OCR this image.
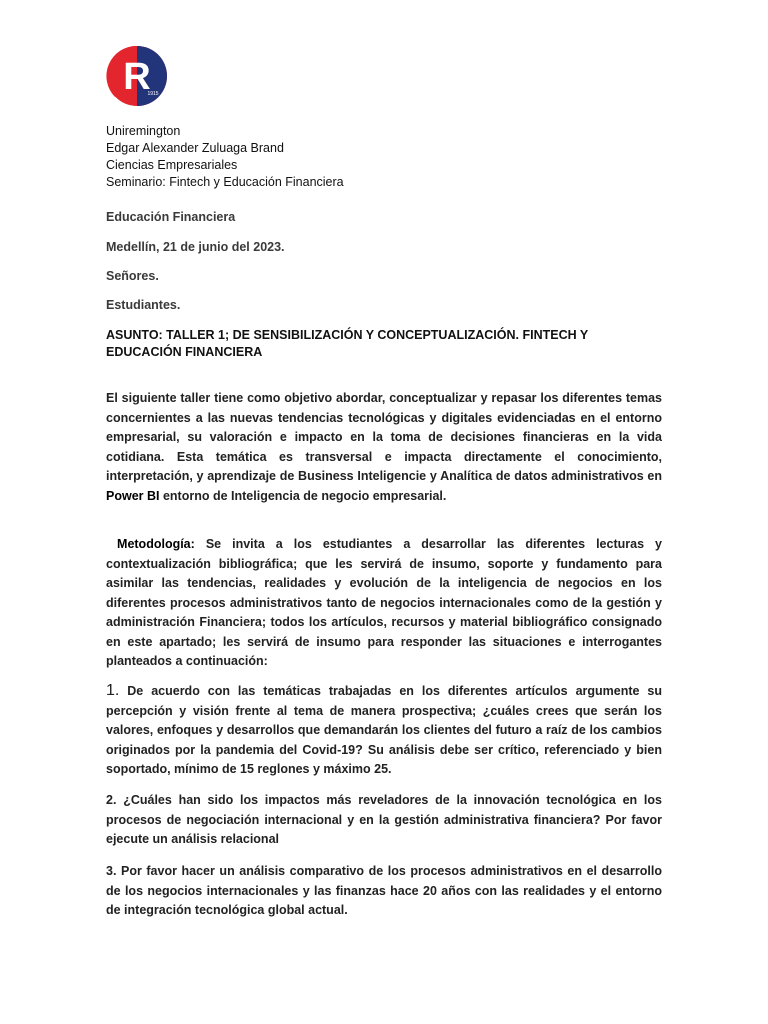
R
1915
Uniremington
Edgar Alexander Zuluaga Brand
Ciencias Empresariales
Seminario: Fintech y Educación Financiera
Educación Financiera
Medellín, 21 de junio del 2023.
Señores.
Estudiantes.
ASUNTO: TALLER 1; DE SENSIBILIZACIÓN Y CONCEPTUALIZACIÓN. FINTECH Y EDUCACIÓN FINANCIERA
El siguiente taller tiene como objetivo abordar, conceptualizar y repasar los diferentes temas concernientes a las nuevas tendencias tecnológicas y digitales evidenciadas en el entorno empresarial, su valoración e impacto en la toma de decisiones financieras en la vida cotidiana. Esta temática es transversal e impacta directamente el conocimiento, interpretación, y aprendizaje de Business Inteligencie y Analítica de datos administrativos en Power BI entorno de Inteligencia de negocio empresarial.
Metodología: Se invita a los estudiantes a desarrollar las diferentes lecturas y contextualización bibliográfica; que les servirá de insumo, soporte y fundamento para asimilar las tendencias, realidades y evolución de la inteligencia de negocios en los diferentes procesos administrativos tanto de negocios internacionales como de la gestión y administración Financiera; todos los artículos, recursos y material bibliográfico consignado en este apartado; les servirá de insumo para responder las situaciones e interrogantes planteados a continuación:
1. De acuerdo con las temáticas trabajadas en los diferentes artículos argumente su percepción y visión frente al tema de manera prospectiva; ¿cuáles crees que serán los valores, enfoques y desarrollos que demandarán los clientes del futuro a raíz de los cambios originados por la pandemia del Covid-19? Su análisis debe ser crítico, referenciado y bien soportado, mínimo de 15 reglones y máximo 25.
2. ¿Cuáles han sido los impactos más reveladores de la innovación tecnológica en los procesos de negociación internacional y en la gestión administrativa financiera? Por favor ejecute un análisis relacional
3. Por favor hacer un análisis comparativo de los procesos administrativos en el desarrollo de los negocios internacionales y las finanzas hace 20 años con las realidades y el entorno de integración tecnológica global actual.
